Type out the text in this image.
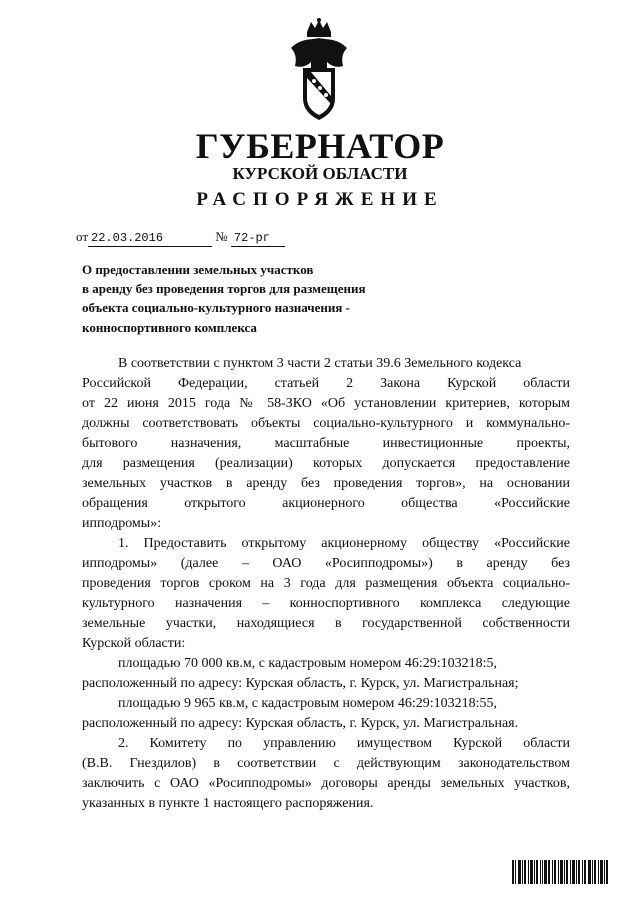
ГУБЕРНАТОР
КУРСКОЙ ОБЛАСТИ
РАСПОРЯЖЕНИЕ
от 22.03.2016	№ 72-рг
О предоставлении земельных участков
в аренду без проведения торгов для размещения
объекта социально-культурного назначения -
конноспортивного комплекса
В соответствии с пунктом 3 части 2 статьи 39.6 Земельного кодекса
Российской Федерации, статьей 2 Закона Курской области
от 22 июня 2015 года № 58-ЗКО «Об установлении критериев, которым
должны соответствовать объекты социально-культурного и коммунально-
бытового назначения, масштабные инвестиционные проекты,
для размещения (реализации) которых допускается предоставление
земельных участков в аренду без проведения торгов», на основании
обращения открытого акционерного общества «Российские
ипподромы»:
1. Предоставить открытому акционерному обществу «Российские
ипподромы» (далее – ОАО «Росипподромы») в аренду без
проведения торгов сроком на 3 года для размещения объекта социально-
культурного назначения – конноспортивного комплекса следующие
земельные участки, находящиеся в государственной собственности
Курской области:
площадью 70 000 кв.м, с кадастровым номером 46:29:103218:5,
расположенный по адресу: Курская область, г. Курск, ул. Магистральная;
площадью 9 965 кв.м, с кадастровым номером 46:29:103218:55,
расположенный по адресу: Курская область, г. Курск, ул. Магистральная.
2. Комитету по управлению имуществом Курской области
(В.В. Гнездилов) в соответствии с действующим законодательством
заключить с ОАО «Росипподромы» договоры аренды земельных участков,
указанных в пункте 1 настоящего распоряжения.
